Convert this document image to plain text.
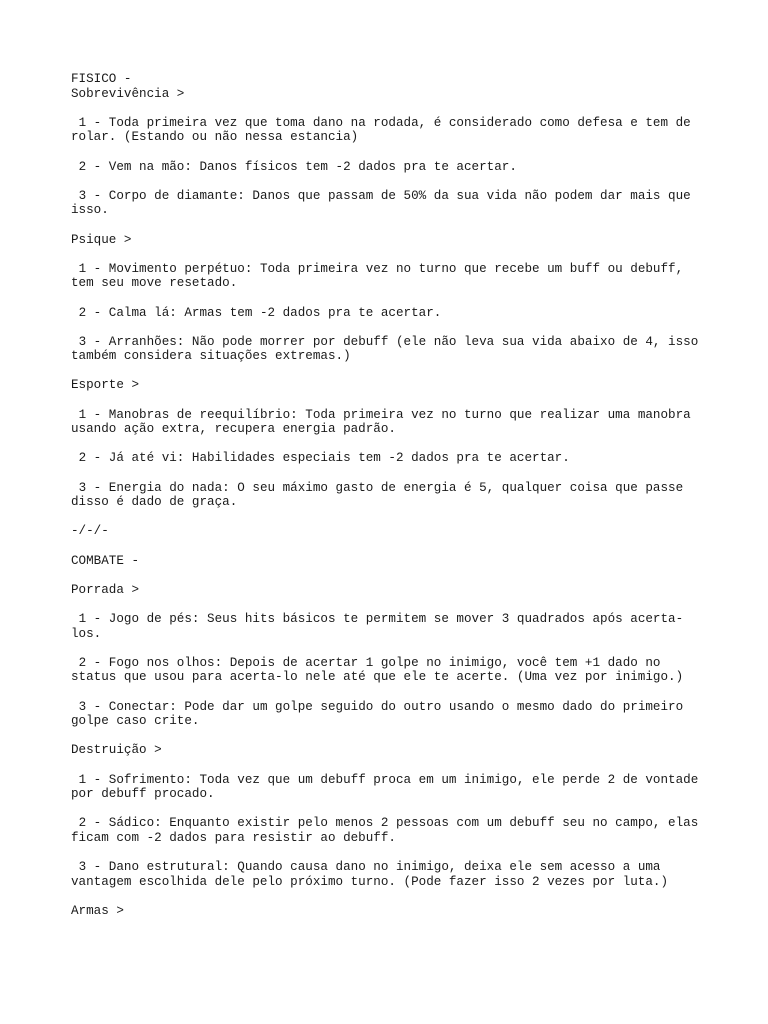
FISICO -
Sobrevivência >
1 - Toda primeira vez que toma dano na rodada, é considerado como defesa e tem de
rolar. (Estando ou não nessa estancia)
2 - Vem na mão: Danos físicos tem -2 dados pra te acertar.
3 - Corpo de diamante: Danos que passam de 50% da sua vida não podem dar mais que
isso.
Psique >
1 - Movimento perpétuo: Toda primeira vez no turno que recebe um buff ou debuff,
tem seu move resetado.
2 - Calma lá: Armas tem -2 dados pra te acertar.
3 - Arranhões: Não pode morrer por debuff (ele não leva sua vida abaixo de 4, isso
também considera situações extremas.)
Esporte >
1 - Manobras de reequilíbrio: Toda primeira vez no turno que realizar uma manobra
usando ação extra, recupera energia padrão.
2 - Já até vi: Habilidades especiais tem -2 dados pra te acertar.
3 - Energia do nada: O seu máximo gasto de energia é 5, qualquer coisa que passe
disso é dado de graça.
-/-/-
COMBATE -
Porrada >
1 - Jogo de pés: Seus hits básicos te permitem se mover 3 quadrados após acerta-
los.
2 - Fogo nos olhos: Depois de acertar 1 golpe no inimigo, você tem +1 dado no
status que usou para acerta-lo nele até que ele te acerte. (Uma vez por inimigo.)
3 - Conectar: Pode dar um golpe seguido do outro usando o mesmo dado do primeiro
golpe caso crite.
Destruição >
1 - Sofrimento: Toda vez que um debuff proca em um inimigo, ele perde 2 de vontade
por debuff procado.
2 - Sádico: Enquanto existir pelo menos 2 pessoas com um debuff seu no campo, elas
ficam com -2 dados para resistir ao debuff.
3 - Dano estrutural: Quando causa dano no inimigo, deixa ele sem acesso a uma
vantagem escolhida dele pelo próximo turno. (Pode fazer isso 2 vezes por luta.)
Armas >
